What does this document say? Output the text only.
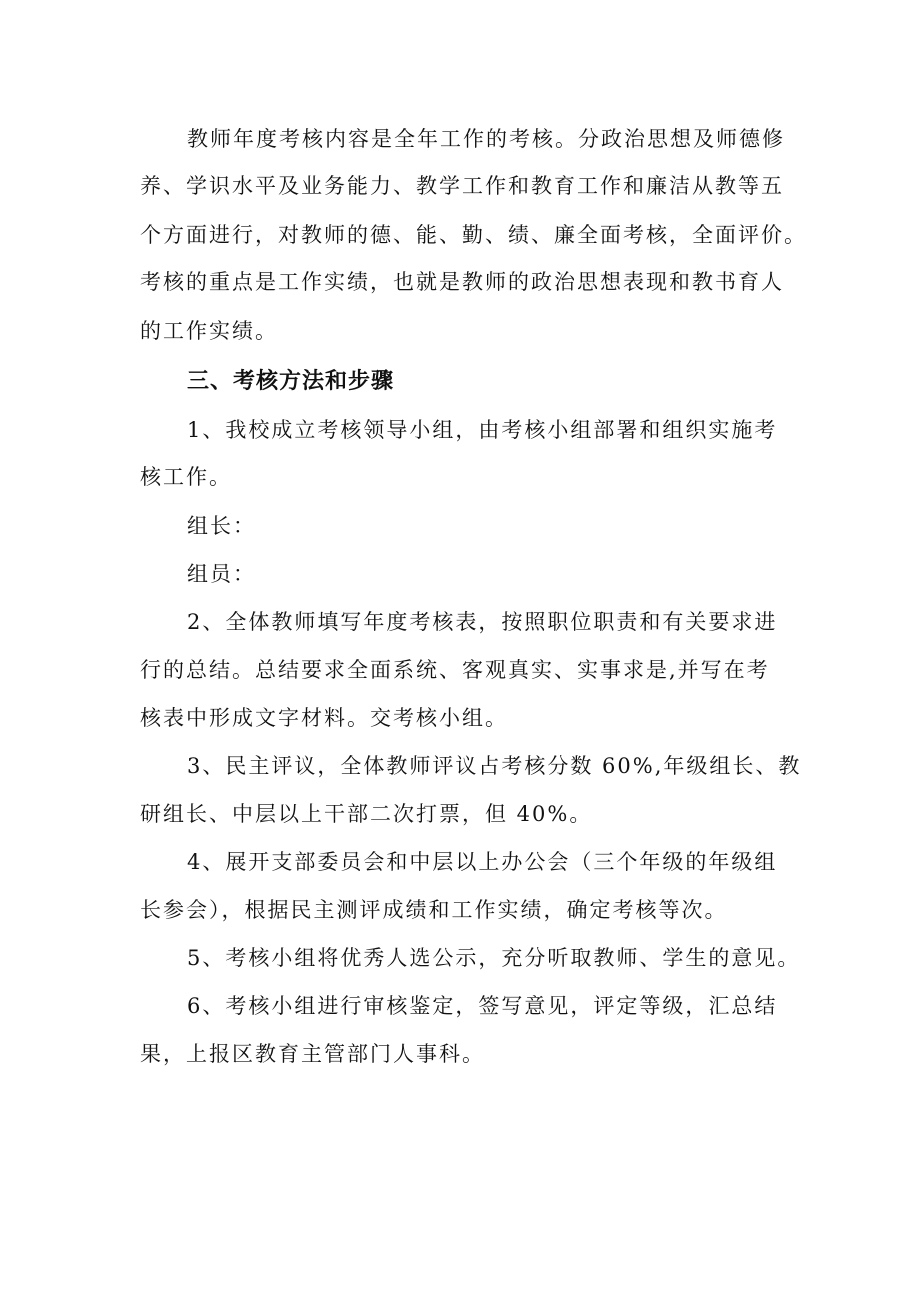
教师年度考核内容是全年工作的考核。分政治思想及师德修
养、学识水平及业务能力、教学工作和教育工作和廉洁从教等五
个方面进行，对教师的德、能、勤、绩、廉全面考核，全面评价。
考核的重点是工作实绩，也就是教师的政治思想表现和教书育人
的工作实绩。
三、考核方法和步骤
1、我校成立考核领导小组，由考核小组部署和组织实施考
核工作。
组长：
组员：
2、全体教师填写年度考核表，按照职位职责和有关要求进
行的总结。总结要求全面系统、客观真实、实事求是,并写在考
核表中形成文字材料。交考核小组。
3、民主评议，全体教师评议占考核分数 60%,年级组长、教
研组长、中层以上干部二次打票，但 40%。
4、展开支部委员会和中层以上办公会（三个年级的年级组
长参会），根据民主测评成绩和工作实绩，确定考核等次。
5、考核小组将优秀人选公示，充分听取教师、学生的意见。
6、考核小组进行审核鉴定，签写意见，评定等级，汇总结
果，上报区教育主管部门人事科。
